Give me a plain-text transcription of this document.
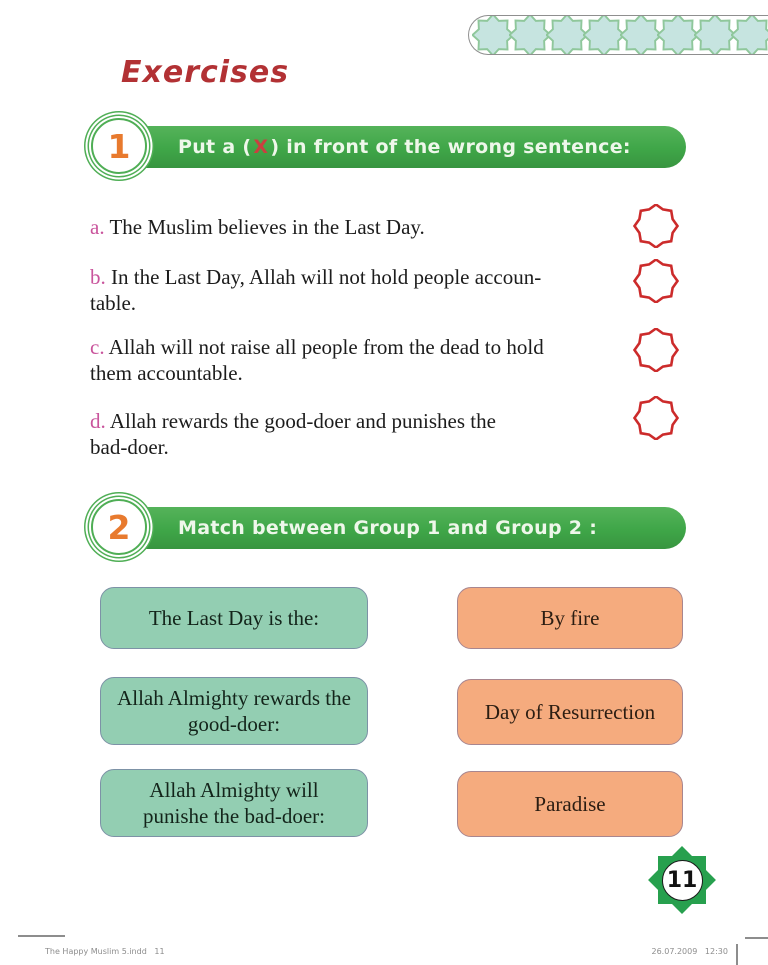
Exercises
Put a ( X ) in front of the wrong sentence:
1
a. The Muslim believes in the Last Day.
b. In the Last Day, Allah will not hold people accoun-
table.
c. Allah will not raise all people from the dead to hold
them accountable.
d. Allah rewards the good-doer and punishes the
bad-doer.
Match between Group 1 and Group 2 :
2
The Last Day is the:
Allah Almighty rewards the good-doer:
Allah Almighty will punishe the bad-doer:
By fire
Day of Resurrection
Paradise
11
The Happy Muslim 5.indd   11	26.07.2009   12:30
